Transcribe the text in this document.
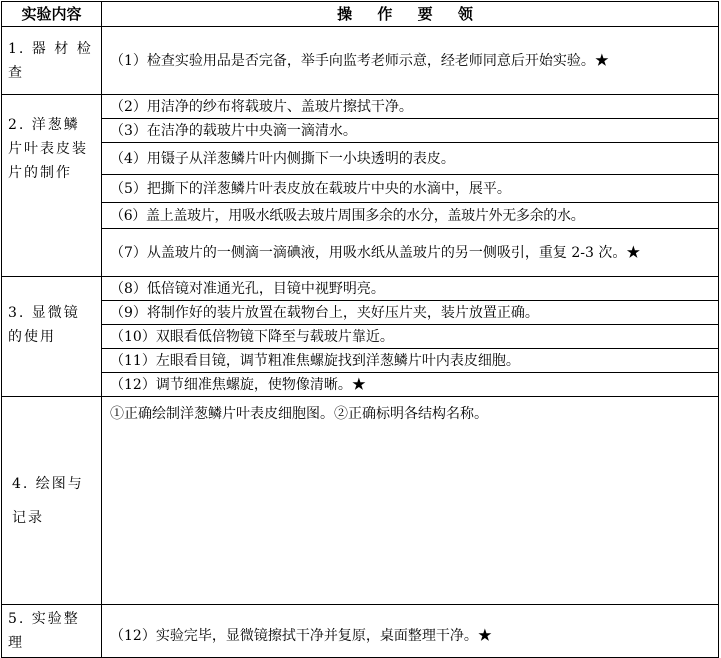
实验内容	操 作 要 领
1. 器 材 检 查	（1）检查实验用品是否完备，举手向监考老师示意，经老师同意后开始实验。★
2. 洋葱鳞片叶表皮装片的制作	（2）用洁净的纱布将载玻片、盖玻片擦拭干净。
	（3）在洁净的载玻片中央滴一滴清水。
	（4）用镊子从洋葱鳞片叶内侧撕下一小块透明的表皮。
	（5）把撕下的洋葱鳞片叶表皮放在载玻片中央的水滴中，展平。
	（6）盖上盖玻片，用吸水纸吸去玻片周围多余的水分，盖玻片外无多余的水。
	（7）从盖玻片的一侧滴一滴碘液，用吸水纸从盖玻片的另一侧吸引，重复 2-3 次。★
3. 显微镜的使用	（8）低倍镜对准通光孔，目镜中视野明亮。
	（9）将制作好的装片放置在载物台上，夹好压片夹，装片放置正确。
	（10）双眼看低倍物镜下降至与载玻片靠近。
	（11）左眼看目镜，调节粗准焦螺旋找到洋葱鳞片叶内表皮细胞。
	（12）调节细准焦螺旋，使物像清晰。★
4. 绘图与记录	①正确绘制洋葱鳞片叶表皮细胞图。②正确标明各结构名称。
5. 实验整理	（12）实验完毕，显微镜擦拭干净并复原，桌面整理干净。★
